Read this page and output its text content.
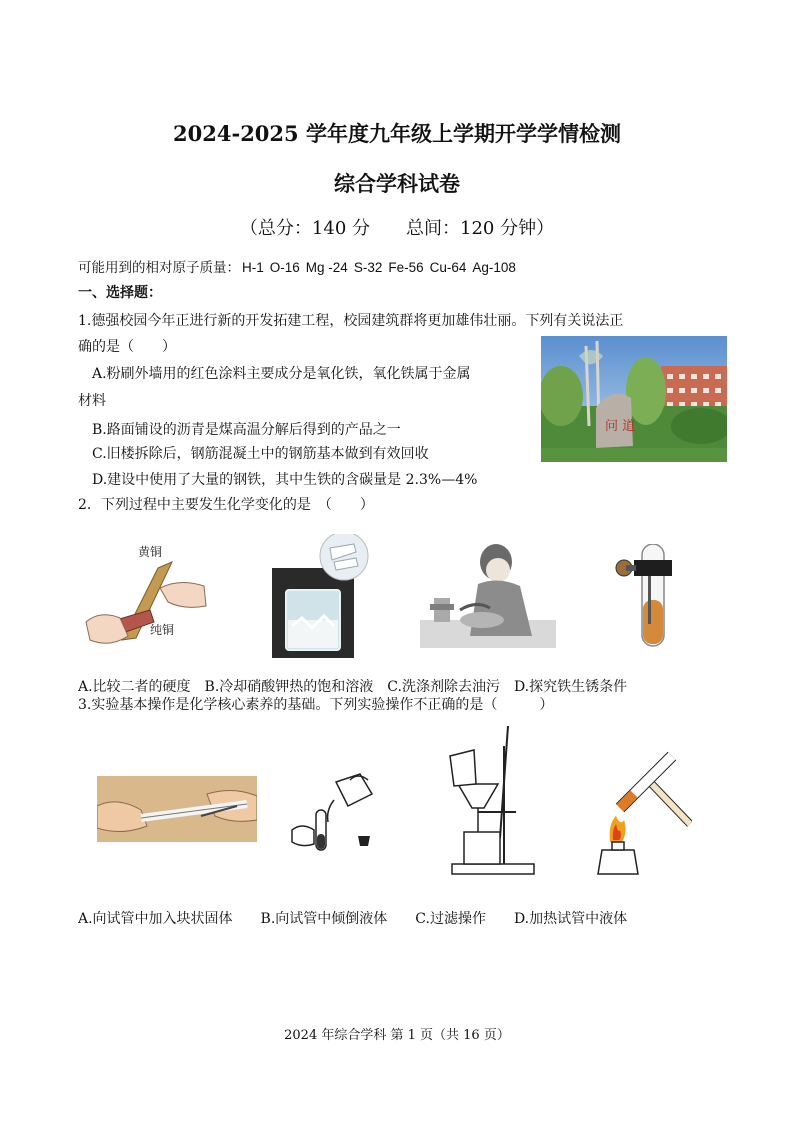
2024-2025 学年度九年级上学期开学学情检测
综合学科试卷
（总分：140 分　　总间：120 分钟）
可能用到的相对原子质量： H-1 O-16 Mg -24 S-32 Fe-56 Cu-64 Ag-108
一、选择题：
1.德强校园今年正进行新的开发拓建工程，校园建筑群将更加雄伟壮丽。下列有关说法正
确的是（　　）
A.粉刷外墙用的红色涂料主要成分是氧化铁，氧化铁属于金属
材料
B.路面铺设的沥青是煤高温分解后得到的产品之一
C.旧楼拆除后，钢筋混凝土中的钢筋基本做到有效回收
D.建设中使用了大量的钢铁，其中生铁的含碳量是 2.3%—4%
问 道
2．下列过程中主要发生化学变化的是　（　　）
黄铜
纯铜
A.比较二者的硬度　B.冷却硝酸钾热的饱和溶液　C.洗涤剂除去油污　D.探究铁生锈条件
3.实验基本操作是化学核心素养的基础。下列实验操作不正确的是（　　　）
A.向试管中加入块状固体　　B.向试管中倾倒液体　　C.过滤操作　　D.加热试管中液体
2024 年综合学科 第 1 页（共 16 页）
